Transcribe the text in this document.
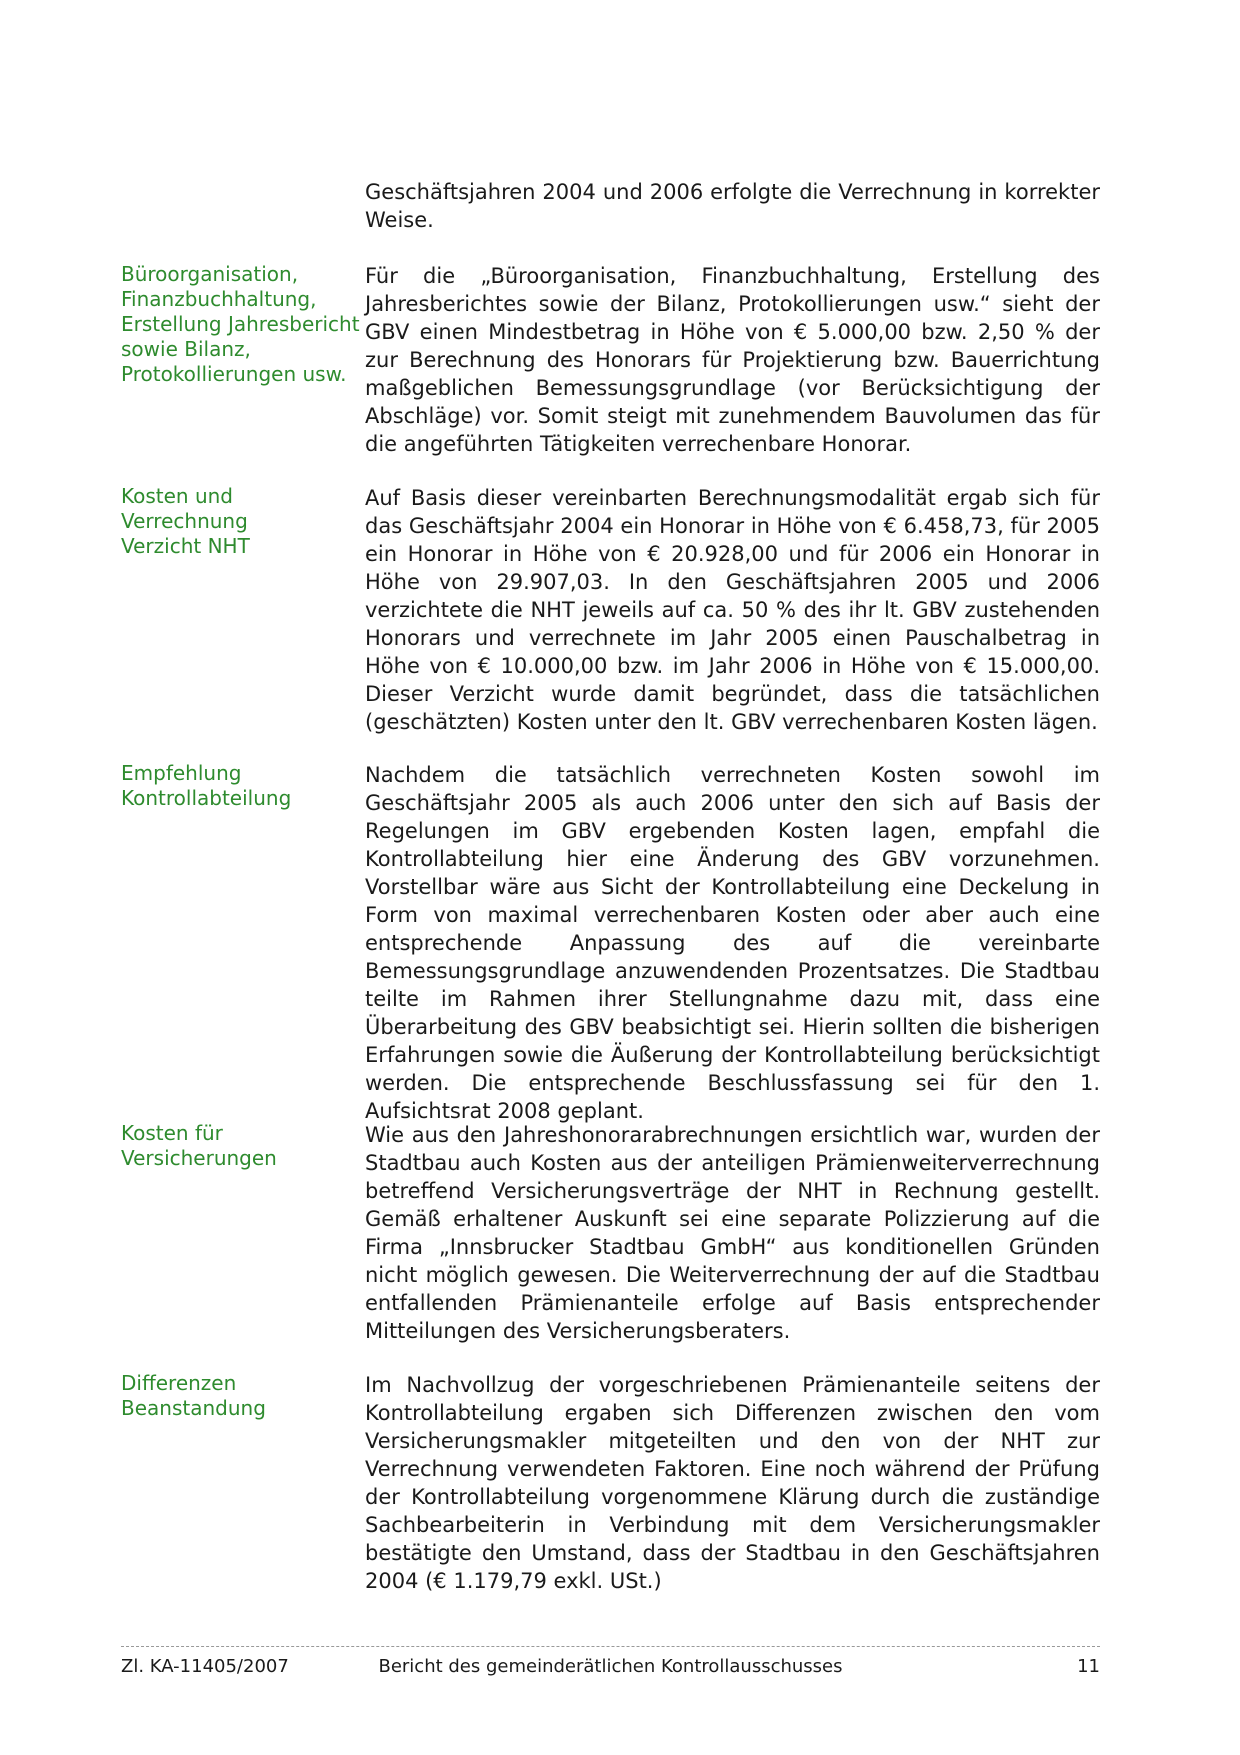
Geschäftsjahren 2004 und 2006 erfolgte die Verrechnung in korrekter Weise.

Büroorganisation,
Finanzbuchhaltung,
Erstellung Jahresbericht
sowie Bilanz,
Protokollierungen usw.

Für die „Büroorganisation, Finanzbuchhaltung, Erstellung des Jahresberichtes sowie der Bilanz, Protokollierungen usw.“ sieht der GBV einen Mindestbetrag in Höhe von € 5.000,00 bzw. 2,50 % der zur Berechnung des Honorars für Projektierung bzw. Bauerrichtung maßgeblichen Bemessungsgrundlage (vor Berücksichtigung der Abschläge) vor. Somit steigt mit zunehmendem Bauvolumen das für die angeführten Tätigkeiten verrechenbare Honorar.

Kosten und
Verrechnung
Verzicht NHT

Auf Basis dieser vereinbarten Berechnungsmodalität ergab sich für das Geschäftsjahr 2004 ein Honorar in Höhe von € 6.458,73, für 2005 ein Honorar in Höhe von € 20.928,00 und für 2006 ein Honorar in Höhe von 29.907,03. In den Geschäftsjahren 2005 und 2006 verzichtete die NHT jeweils auf ca. 50 % des ihr lt. GBV zustehenden Honorars und verrechnete im Jahr 2005 einen Pauschalbetrag in Höhe von € 10.000,00 bzw. im Jahr 2006 in Höhe von € 15.000,00. Dieser Verzicht wurde damit begründet, dass die tatsächlichen (geschätzten) Kosten unter den lt. GBV verrechenbaren Kosten lägen.

Empfehlung
Kontrollabteilung

Nachdem die tatsächlich verrechneten Kosten sowohl im Geschäftsjahr 2005 als auch 2006 unter den sich auf Basis der Regelungen im GBV ergebenden Kosten lagen, empfahl die Kontrollabteilung hier eine Änderung des GBV vorzunehmen. Vorstellbar wäre aus Sicht der Kontrollabteilung eine Deckelung in Form von maximal verrechenbaren Kosten oder aber auch eine entsprechende Anpassung des auf die vereinbarte Bemessungsgrundlage anzuwendenden Prozentsatzes. Die Stadtbau teilte im Rahmen ihrer Stellungnahme dazu mit, dass eine Überarbeitung des GBV beabsichtigt sei. Hierin sollten die bisherigen Erfahrungen sowie die Äußerung der Kontrollabteilung berücksichtigt werden. Die entsprechende Beschlussfassung sei für den 1. Aufsichtsrat 2008 geplant.

Kosten für
Versicherungen

Wie aus den Jahreshonorarabrechnungen ersichtlich war, wurden der Stadtbau auch Kosten aus der anteiligen Prämienweiterverrechnung betreffend Versicherungsverträge der NHT in Rechnung gestellt. Gemäß erhaltener Auskunft sei eine separate Polizzierung auf die Firma „Innsbrucker Stadtbau GmbH“ aus konditionellen Gründen nicht möglich gewesen. Die Weiterverrechnung der auf die Stadtbau entfallenden Prämienanteile erfolge auf Basis entsprechender Mitteilungen des Versicherungsberaters.

Differenzen
Beanstandung

Im Nachvollzug der vorgeschriebenen Prämienanteile seitens der Kontrollabteilung ergaben sich Differenzen zwischen den vom Versicherungsmakler mitgeteilten und den von der NHT zur Verrechnung verwendeten Faktoren. Eine noch während der Prüfung der Kontrollabteilung vorgenommene Klärung durch die zuständige Sachbearbeiterin in Verbindung mit dem Versicherungsmakler bestätigte den Umstand, dass der Stadtbau in den Geschäftsjahren 2004 (€ 1.179,79 exkl. USt.)

Bericht des gemeinderätlichen Kontrollausschusses
Zl. KA-11405/2007	11
